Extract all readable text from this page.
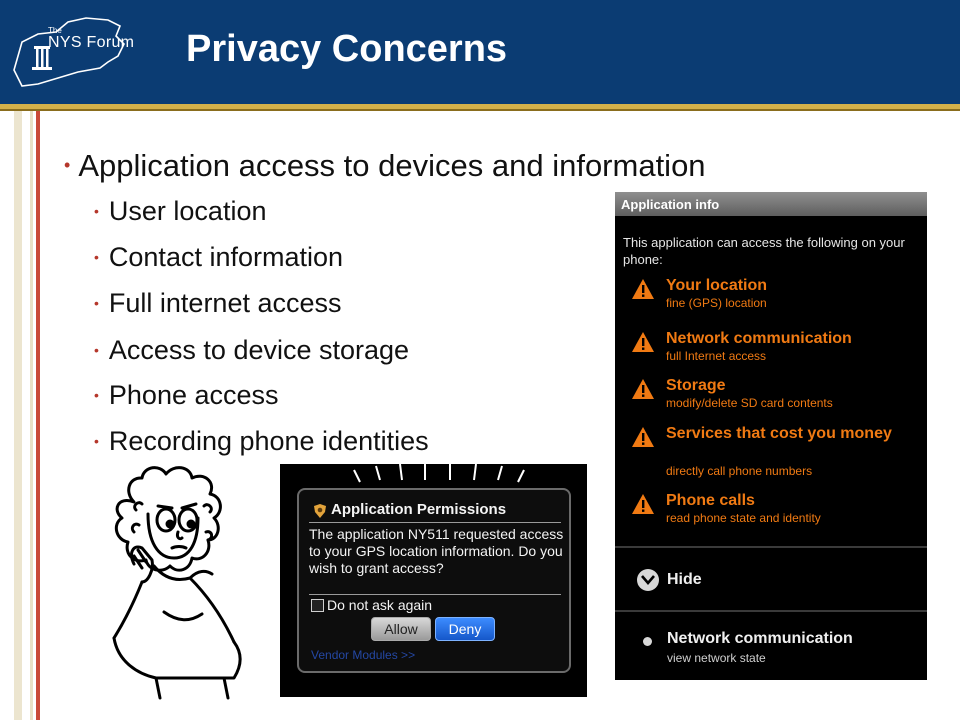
The
NYS Forum Privacy Concerns
• Application access to devices and information
• User location
• Contact information
• Full internet access
• Access to device storage
• Phone access
• Recording phone identities
Application info
This application can access the following on your phone:
Your location
fine (GPS) location
Network communication
full Internet access
Storage
modify/delete SD card contents
Services that cost you money
directly call phone numbers
Phone calls
read phone state and identity
Hide
Network communication
view network state
Application Permissions
The application NY511 requested access to your GPS location information. Do you wish to grant access?
Do not ask again
Allow	Deny
Vendor Modules >>
